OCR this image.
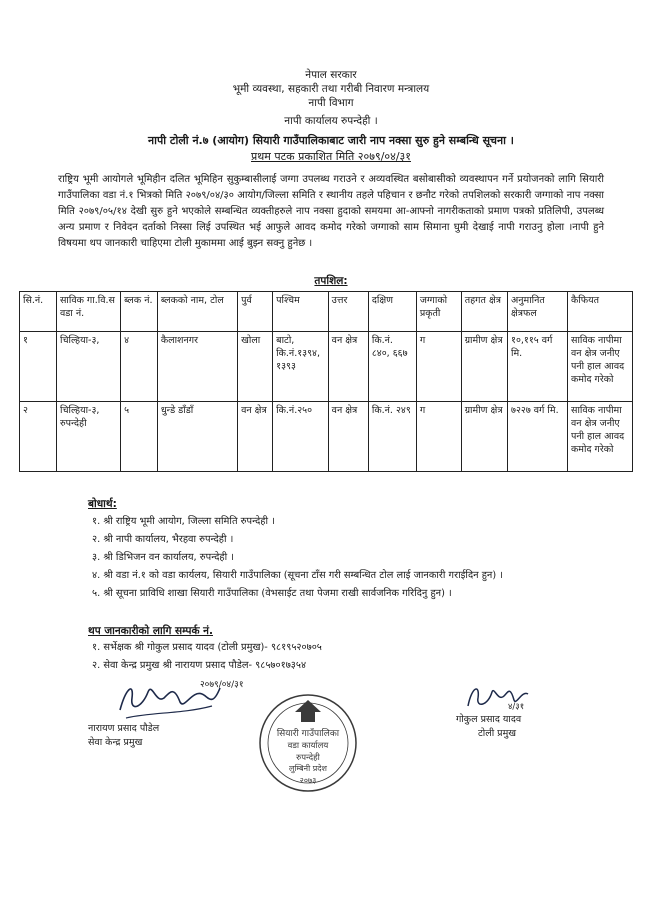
नेपाल सरकार
भूमी व्यवस्था, सहकारी तथा गरीबी निवारण मन्त्रालय
नापी विभाग
नापी कार्यालय रुपन्देही ।
नापी टोली नं.७ (आयोग) सियारी गाउँपालिकाबाट जारी नाप नक्सा सुरु हुने सम्बन्धि सूचना ।
प्रथम पटक प्रकाशित मिति २०७९/०४/३१
राष्ट्रिय भूमी आयोगले भूमिहीन दलित भूमिहिन सुकुम्बासीलाई जग्गा उपलब्ध गराउने र अव्यवस्थित बसोबासीको व्यवस्थापन गर्ने प्रयोजनको लागि सियारी गाउँपालिका वडा नं.१ भित्रको मिति २०७९/०४/३० आयोग/जिल्ला समिति र स्थानीय तहले पहिचान र छनौट गरेको तपशिलको सरकारी जग्गाको नाप नक्सा मिति २०७९/०५/१४ देखी सुरु हुने भएकोले सम्बन्धित व्यक्तीहरुले नाप नक्सा हुदाको समयमा आ-आफ्नो नागरीकताको प्रमाण पत्रको प्रतिलिपी, उपलब्ध अन्य प्रमाण र निवेदन दर्ताको निस्सा लिई उपस्थित भई आफुले आवद कमोद गरेको जग्गाको साम सिमाना घुमी देखाई नापी गराउनु होला ।नापी हुने विषयमा थप जानकारी चाहिएमा टोली मुकाममा आई बुझ्न सक्नु हुनेछ ।
तपशिल:
सि.नं.	साविक गा.वि.स वडा नं.	ब्लक नं.	ब्लकको नाम, टोल	पुर्व	पश्चिम	उत्तर	दक्षिण	जग्गाको प्रकृती	तहगत क्षेत्र	अनुमानित क्षेत्रफल	कैफियत
१	चिल्हिया-३,	४	कैलाशनगर	खोला	बाटो, कि.नं.१३९४, १३९३	वन क्षेत्र	कि.नं. ८४०, ६६७	ग	ग्रामीण क्षेत्र	१०,११५ वर्ग मि.	साविक नापीमा वन क्षेत्र जनीए पनी हाल आवद कमोद गरेको
२	चिल्हिया-३, रुपन्देही	५	धुन्डे डाँडाँ	वन क्षेत्र	कि.नं.२५०	वन क्षेत्र	कि.नं. २४९	ग	ग्रामीण क्षेत्र	७२२७ वर्ग मि.	साविक नापीमा वन क्षेत्र जनीए पनी हाल आवद कमोद गरेको
बोधार्थ:
१. श्री राष्ट्रिय भूमी आयोग, जिल्ला समिति रुपन्देही ।
२. श्री नापी कार्यालय, भैरहवा रुपन्देही ।
३. श्री डिभिजन वन कार्यालय, रुपन्देही ।
४. श्री वडा नं.१ को वडा कार्यलय, सियारी गाउँपालिका (सूचना टाँस गरी सम्बन्धित टोल लाई जानकारी गराईदिन हुन) ।
५. श्री सूचना प्राविधि शाखा सियारी गाउँपालिका (वेभसाईट तथा पेजमा राखी सार्वजनिक गरिदिनु हुन) ।
थप जानकारीको लागि सम्पर्क नं.
१. सर्भेक्षक श्री गोकुल प्रसाद यादव (टोली प्रमुख)- ९८१९५२०७०५
२. सेवा केन्द्र प्रमुख श्री नारायण प्रसाद पौडेल- ९८५७०१७३५४
२०७९/०४/३१
नारायण प्रसाद पौडेल
सेवा केन्द्र प्रमुख
सियारी गाउँपालिका
वडा कार्यालय
रुपन्देही
लुम्बिनी प्रदेश
२०७३
४/३१
गोकुल प्रसाद यादव
टोली प्रमुख
